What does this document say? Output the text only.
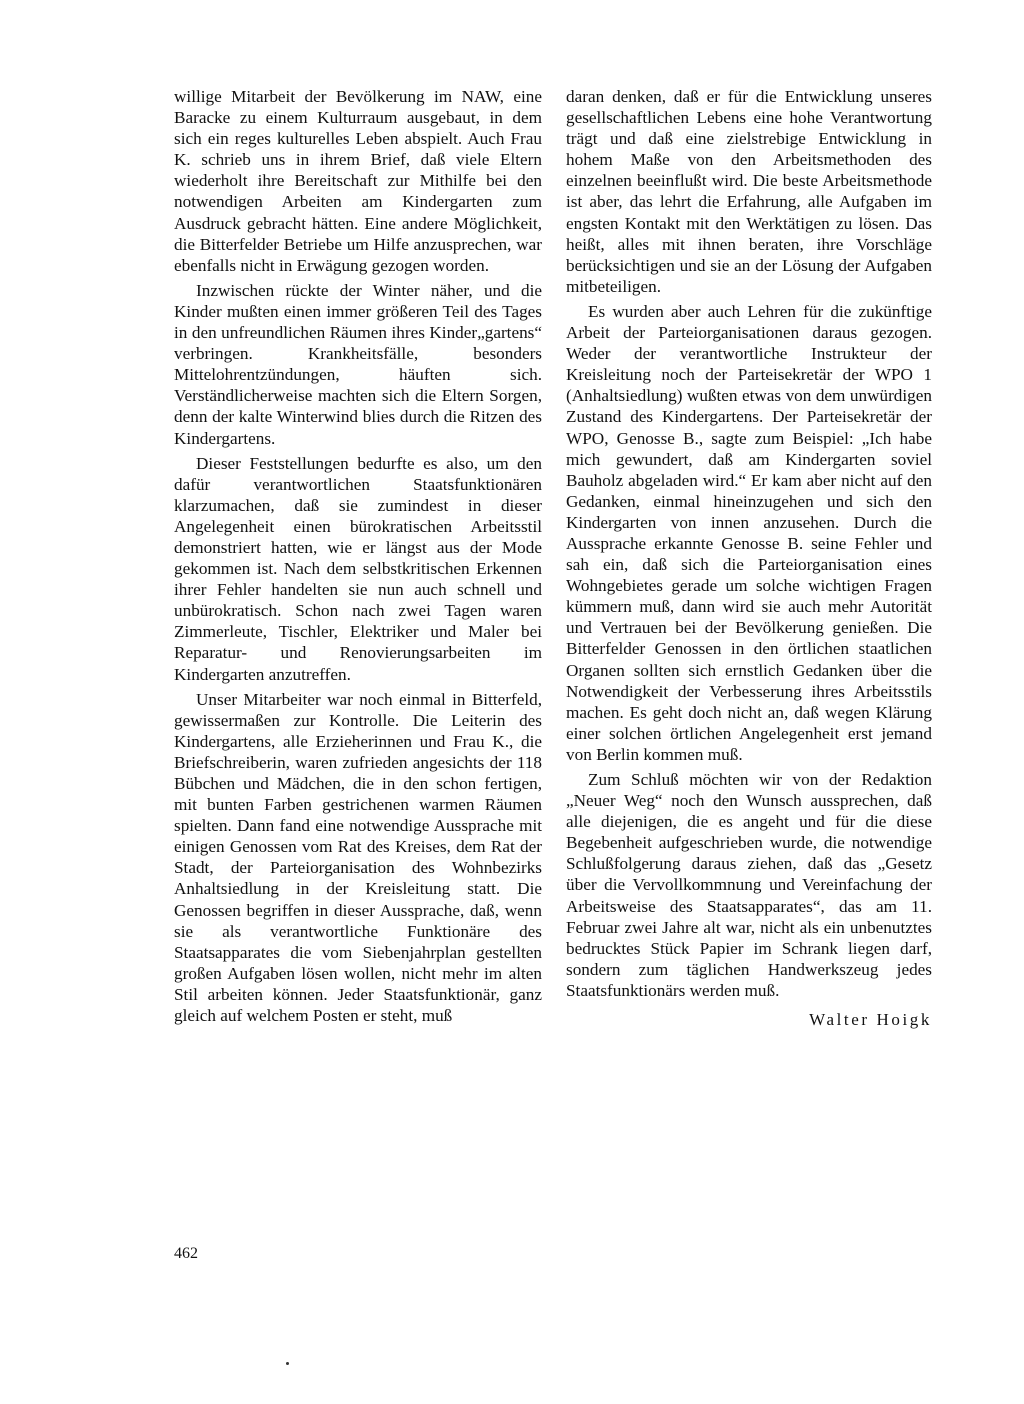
willige Mitarbeit der Bevölkerung im NAW, eine Baracke zu einem Kulturraum ausgebaut, in dem sich ein reges kulturelles Leben abspielt. Auch Frau K. schrieb uns in ihrem Brief, daß viele Eltern wiederholt ihre Bereitschaft zur Mithilfe bei den notwendigen Arbeiten am Kindergarten zum Ausdruck gebracht hätten. Eine andere Möglichkeit, die Bitterfelder Betriebe um Hilfe anzusprechen, war ebenfalls nicht in Erwägung gezogen worden.

Inzwischen rückte der Winter näher, und die Kinder mußten einen immer größeren Teil des Tages in den unfreundlichen Räumen ihres Kinder„gartens“ verbringen. Krankheitsfälle, besonders Mittelohrentzündungen, häuften sich. Verständlicherweise machten sich die Eltern Sorgen, denn der kalte Winterwind blies durch die Ritzen des Kindergartens.

Dieser Feststellungen bedurfte es also, um den dafür verantwortlichen Staatsfunktionären klarzumachen, daß sie zumindest in dieser Angelegenheit einen bürokratischen Arbeitsstil demonstriert hatten, wie er längst aus der Mode gekommen ist. Nach dem selbstkritischen Erkennen ihrer Fehler handelten sie nun auch schnell und unbürokratisch. Schon nach zwei Tagen waren Zimmerleute, Tischler, Elektriker und Maler bei Reparatur- und Renovierungsarbeiten im Kindergarten anzutreffen.

Unser Mitarbeiter war noch einmal in Bitterfeld, gewissermaßen zur Kontrolle. Die Leiterin des Kindergartens, alle Erzieherinnen und Frau K., die Briefschreiberin, waren zufrieden angesichts der 118 Bübchen und Mädchen, die in den schon fertigen, mit bunten Farben gestrichenen warmen Räumen spielten. Dann fand eine notwendige Aussprache mit einigen Genossen vom Rat des Kreises, dem Rat der Stadt, der Parteiorganisation des Wohnbezirks Anhaltsiedlung in der Kreisleitung statt. Die Genossen begriffen in dieser Aussprache, daß, wenn sie als verantwortliche Funktionäre des Staatsapparates die vom Siebenjahrplan gestellten großen Aufgaben lösen wollen, nicht mehr im alten Stil arbeiten können. Jeder Staatsfunktionär, ganz gleich auf welchem Posten er steht, muß

daran denken, daß er für die Entwicklung unseres gesellschaftlichen Lebens eine hohe Verantwortung trägt und daß eine zielstrebige Entwicklung in hohem Maße von den Arbeitsmethoden des einzelnen beeinflußt wird. Die beste Arbeitsmethode ist aber, das lehrt die Erfahrung, alle Aufgaben im engsten Kontakt mit den Werktätigen zu lösen. Das heißt, alles mit ihnen beraten, ihre Vorschläge berücksichtigen und sie an der Lösung der Aufgaben mitbeteiligen.

Es wurden aber auch Lehren für die zukünftige Arbeit der Parteiorganisationen daraus gezogen. Weder der verantwortliche Instrukteur der Kreisleitung noch der Parteisekretär der WPO 1 (Anhaltsiedlung) wußten etwas von dem unwürdigen Zustand des Kindergartens. Der Parteisekretär der WPO, Genosse B., sagte zum Beispiel: „Ich habe mich gewundert, daß am Kindergarten soviel Bauholz abgeladen wird.“ Er kam aber nicht auf den Gedanken, einmal hineinzugehen und sich den Kindergarten von innen anzusehen. Durch die Aussprache erkannte Genosse B. seine Fehler und sah ein, daß sich die Parteiorganisation eines Wohngebietes gerade um solche wichtigen Fragen kümmern muß, dann wird sie auch mehr Autorität und Vertrauen bei der Bevölkerung genießen. Die Bitterfelder Genossen in den örtlichen staatlichen Organen sollten sich ernstlich Gedanken über die Notwendigkeit der Verbesserung ihres Arbeitsstils machen. Es geht doch nicht an, daß wegen Klärung einer solchen örtlichen Angelegenheit erst jemand von Berlin kommen muß.

Zum Schluß möchten wir von der Redaktion „Neuer Weg“ noch den Wunsch aussprechen, daß alle diejenigen, die es angeht und für die diese Begebenheit aufgeschrieben wurde, die notwendige Schlußfolgerung daraus ziehen, daß das „Gesetz über die Vervollkommnung und Vereinfachung der Arbeitsweise des Staatsapparates“, das am 11. Februar zwei Jahre alt war, nicht als ein unbenutztes bedrucktes Stück Papier im Schrank liegen darf, sondern zum täglichen Handwerkszeug jedes Staatsfunktionärs werden muß.

Walter Hoigk
462
